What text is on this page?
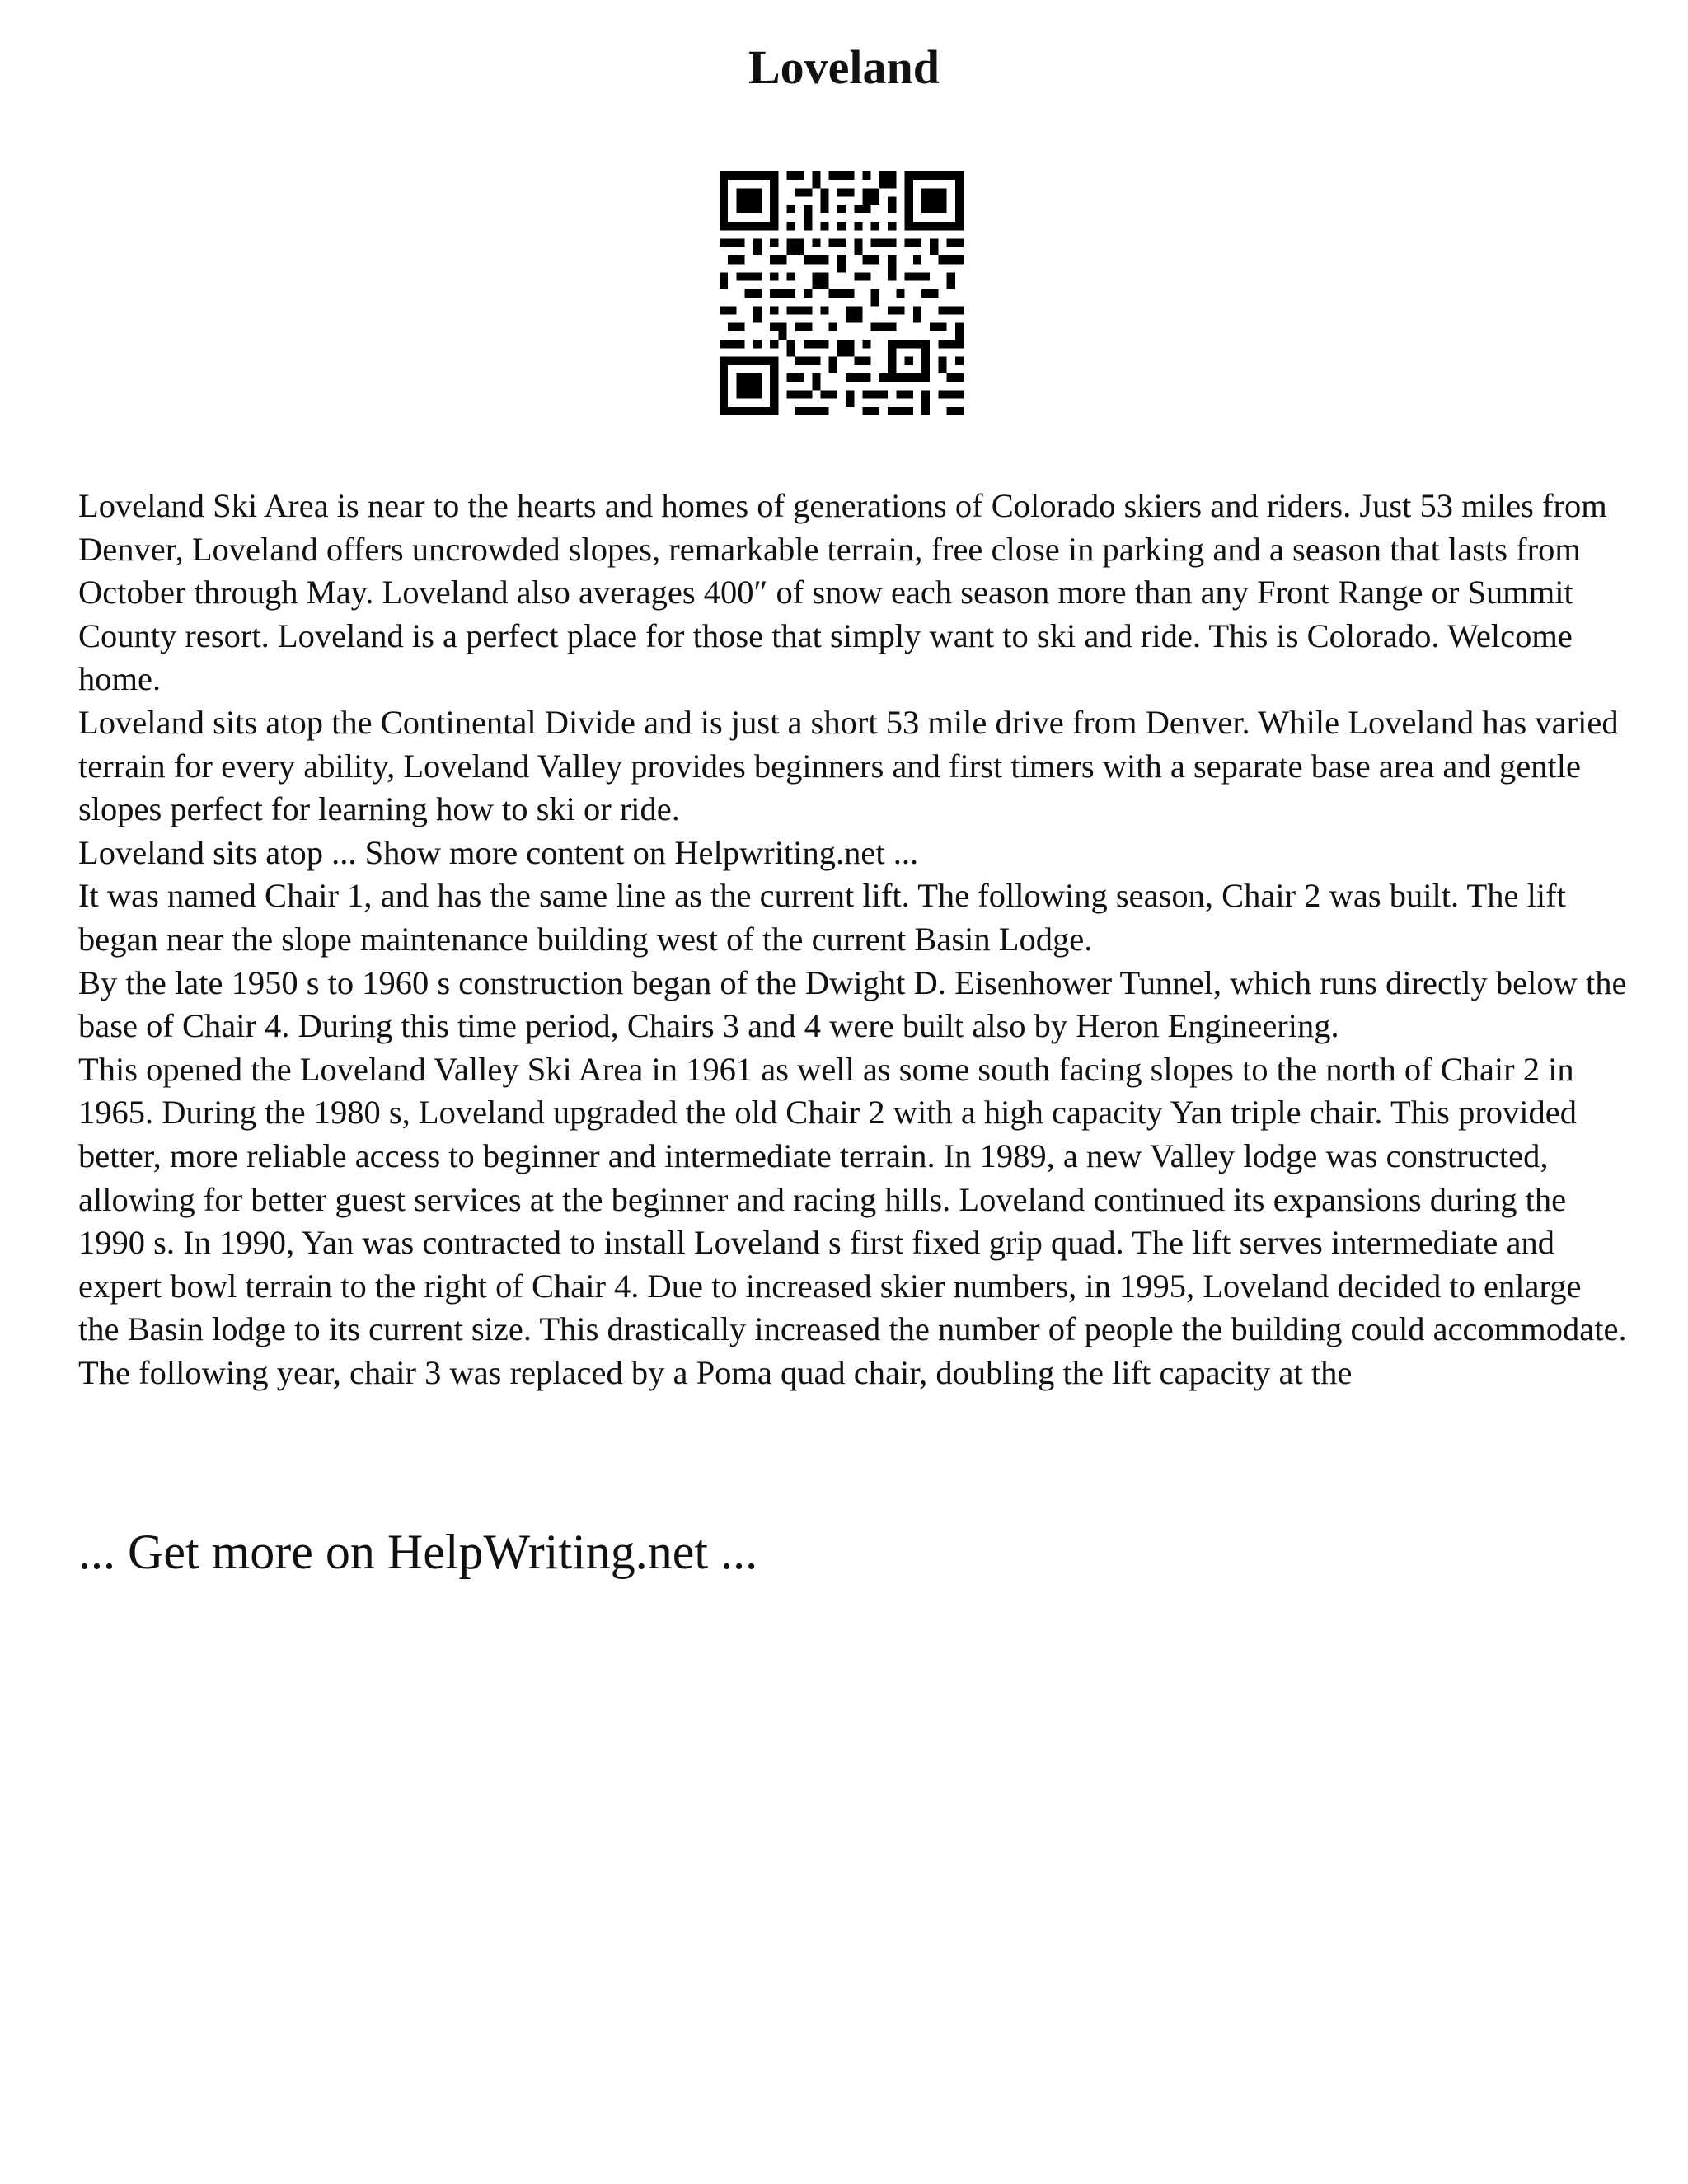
Loveland

Loveland Ski Area is near to the hearts and homes of generations of Colorado skiers and riders. Just 53 miles from Denver, Loveland offers uncrowded slopes, remarkable terrain, free close in parking and a season that lasts from October through May. Loveland also averages 400″ of snow each season more than any Front Range or Summit County resort. Loveland is a perfect place for those that simply want to ski and ride. This is Colorado. Welcome home.

Loveland sits atop the Continental Divide and is just a short 53 mile drive from Denver. While Loveland has varied terrain for every ability, Loveland Valley provides beginners and first timers with a separate base area and gentle slopes perfect for learning how to ski or ride.

Loveland sits atop ... Show more content on Helpwriting.net ...

It was named Chair 1, and has the same line as the current lift. The following season, Chair 2 was built. The lift began near the slope maintenance building west of the current Basin Lodge.

By the late 1950 s to 1960 s construction began of the Dwight D. Eisenhower Tunnel, which runs directly below the base of Chair 4. During this time period, Chairs 3 and 4 were built also by Heron Engineering.

This opened the Loveland Valley Ski Area in 1961 as well as some south facing slopes to the north of Chair 2 in 1965. During the 1980 s, Loveland upgraded the old Chair 2 with a high capacity Yan triple chair. This provided better, more reliable access to beginner and intermediate terrain. In 1989, a new Valley lodge was constructed, allowing for better guest services at the beginner and racing hills. Loveland continued its expansions during the 1990 s. In 1990, Yan was contracted to install Loveland s first fixed grip quad. The lift serves intermediate and expert bowl terrain to the right of Chair 4. Due to increased skier numbers, in 1995, Loveland decided to enlarge the Basin lodge to its current size. This drastically increased the number of people the building could accommodate. The following year, chair 3 was replaced by a Poma quad chair, doubling the lift capacity at the

... Get more on HelpWriting.net ...
